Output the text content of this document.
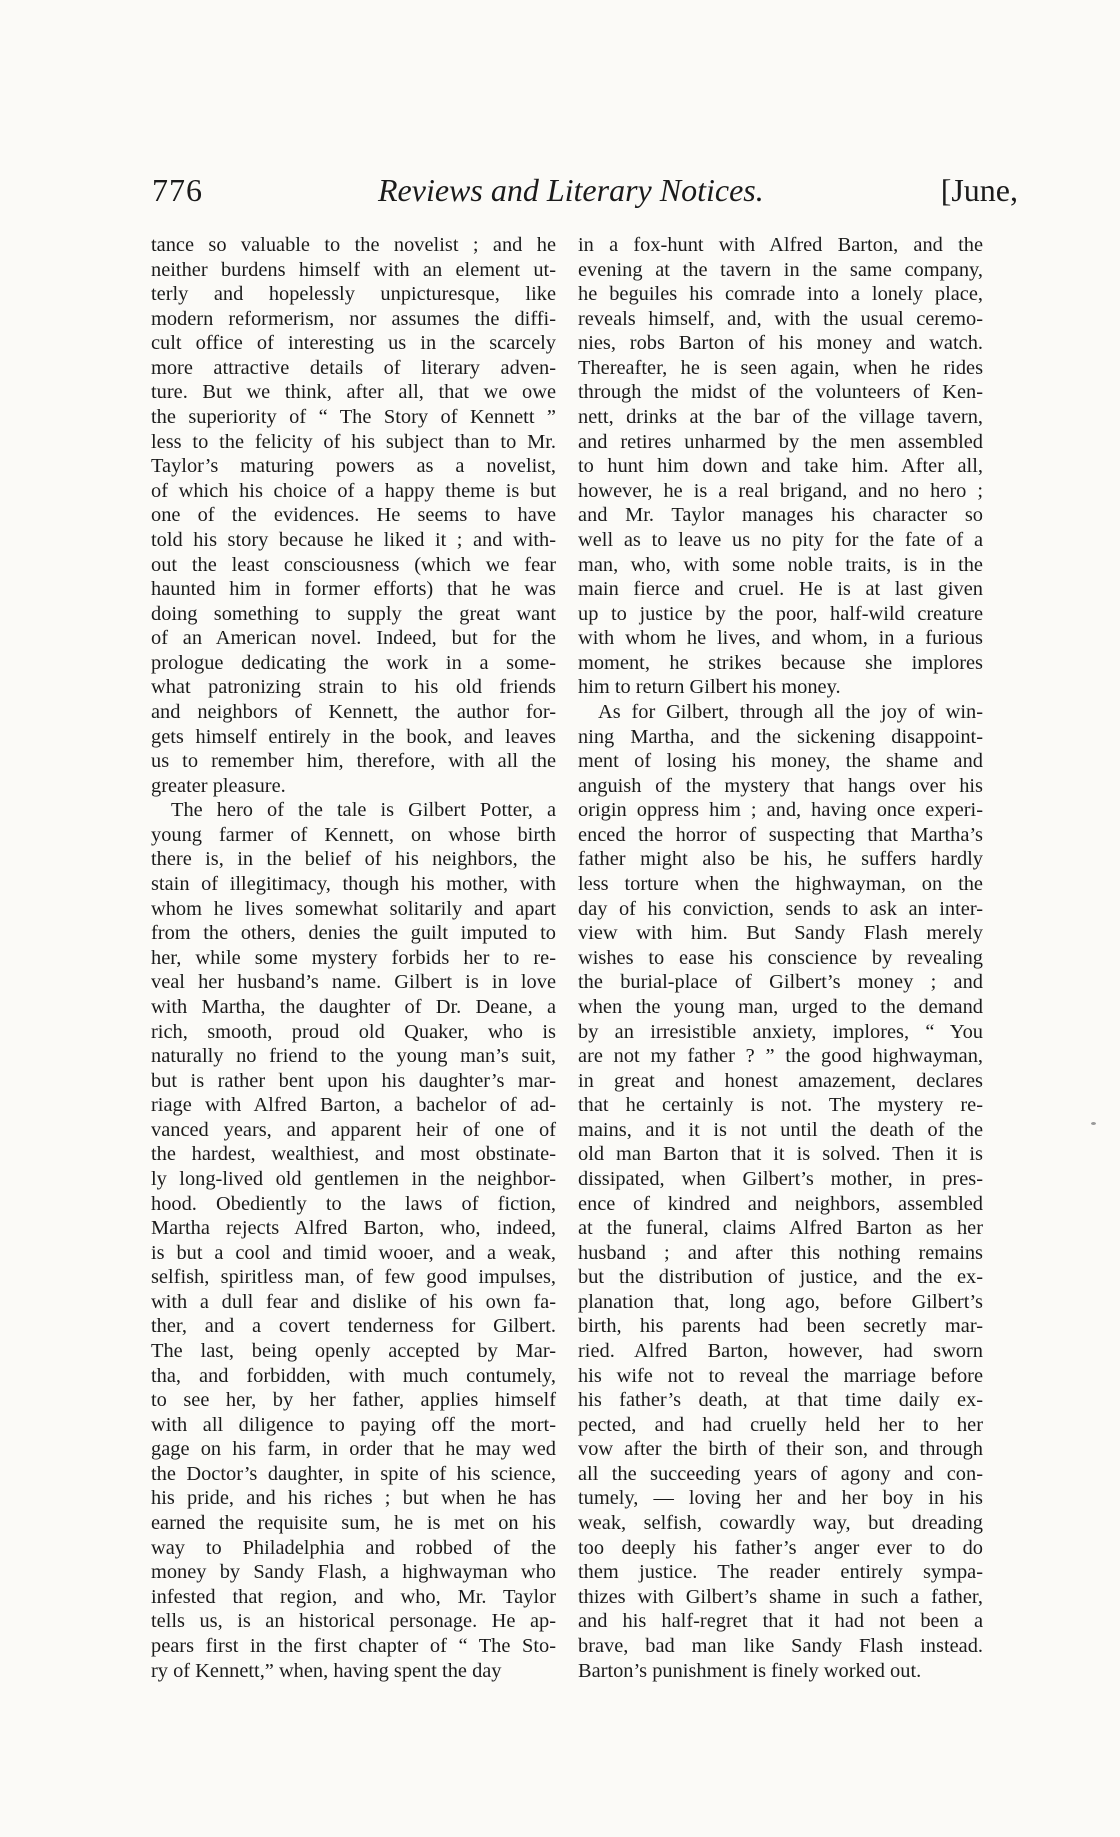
776	Reviews and Literary Notices.	[June,
tance so valuable to the novelist ; and he
neither burdens himself with an element ut-
terly and hopelessly unpicturesque, like
modern reformerism, nor assumes the diffi-
cult office of interesting us in the scarcely
more attractive details of literary adven-
ture. But we think, after all, that we owe
the superiority of “ The Story of Kennett ”
less to the felicity of his subject than to Mr.
Taylor’s maturing powers as a novelist,
of which his choice of a happy theme is but
one of the evidences. He seems to have
told his story because he liked it ; and with-
out the least consciousness (which we fear
haunted him in former efforts) that he was
doing something to supply the great want
of an American novel. Indeed, but for the
prologue dedicating the work in a some-
what patronizing strain to his old friends
and neighbors of Kennett, the author for-
gets himself entirely in the book, and leaves
us to remember him, therefore, with all the
greater pleasure.
The hero of the tale is Gilbert Potter, a
young farmer of Kennett, on whose birth
there is, in the belief of his neighbors, the
stain of illegitimacy, though his mother, with
whom he lives somewhat solitarily and apart
from the others, denies the guilt imputed to
her, while some mystery forbids her to re-
veal her husband’s name. Gilbert is in love
with Martha, the daughter of Dr. Deane, a
rich, smooth, proud old Quaker, who is
naturally no friend to the young man’s suit,
but is rather bent upon his daughter’s mar-
riage with Alfred Barton, a bachelor of ad-
vanced years, and apparent heir of one of
the hardest, wealthiest, and most obstinate-
ly long-lived old gentlemen in the neighbor-
hood. Obediently to the laws of fiction,
Martha rejects Alfred Barton, who, indeed,
is but a cool and timid wooer, and a weak,
selfish, spiritless man, of few good impulses,
with a dull fear and dislike of his own fa-
ther, and a covert tenderness for Gilbert.
The last, being openly accepted by Mar-
tha, and forbidden, with much contumely,
to see her, by her father, applies himself
with all diligence to paying off the mort-
gage on his farm, in order that he may wed
the Doctor’s daughter, in spite of his science,
his pride, and his riches ; but when he has
earned the requisite sum, he is met on his
way to Philadelphia and robbed of the
money by Sandy Flash, a highwayman who
infested that region, and who, Mr. Taylor
tells us, is an historical personage. He ap-
pears first in the first chapter of “ The Sto-
ry of Kennett,” when, having spent the day
in a fox-hunt with Alfred Barton, and the
evening at the tavern in the same company,
he beguiles his comrade into a lonely place,
reveals himself, and, with the usual ceremo-
nies, robs Barton of his money and watch.
Thereafter, he is seen again, when he rides
through the midst of the volunteers of Ken-
nett, drinks at the bar of the village tavern,
and retires unharmed by the men assembled
to hunt him down and take him. After all,
however, he is a real brigand, and no hero ;
and Mr. Taylor manages his character so
well as to leave us no pity for the fate of a
man, who, with some noble traits, is in the
main fierce and cruel. He is at last given
up to justice by the poor, half-wild creature
with whom he lives, and whom, in a furious
moment, he strikes because she implores
him to return Gilbert his money.
As for Gilbert, through all the joy of win-
ning Martha, and the sickening disappoint-
ment of losing his money, the shame and
anguish of the mystery that hangs over his
origin oppress him ; and, having once experi-
enced the horror of suspecting that Martha’s
father might also be his, he suffers hardly
less torture when the highwayman, on the
day of his conviction, sends to ask an inter-
view with him. But Sandy Flash merely
wishes to ease his conscience by revealing
the burial-place of Gilbert’s money ; and
when the young man, urged to the demand
by an irresistible anxiety, implores, “ You
are not my father ? ” the good highwayman,
in great and honest amazement, declares
that he certainly is not. The mystery re-
mains, and it is not until the death of the
old man Barton that it is solved. Then it is
dissipated, when Gilbert’s mother, in pres-
ence of kindred and neighbors, assembled
at the funeral, claims Alfred Barton as her
husband ; and after this nothing remains
but the distribution of justice, and the ex-
planation that, long ago, before Gilbert’s
birth, his parents had been secretly mar-
ried. Alfred Barton, however, had sworn
his wife not to reveal the marriage before
his father’s death, at that time daily ex-
pected, and had cruelly held her to her
vow after the birth of their son, and through
all the succeeding years of agony and con-
tumely, — loving her and her boy in his
weak, selfish, cowardly way, but dreading
too deeply his father’s anger ever to do
them justice. The reader entirely sympa-
thizes with Gilbert’s shame in such a father,
and his half-regret that it had not been a
brave, bad man like Sandy Flash instead.
Barton’s punishment is finely worked out.
